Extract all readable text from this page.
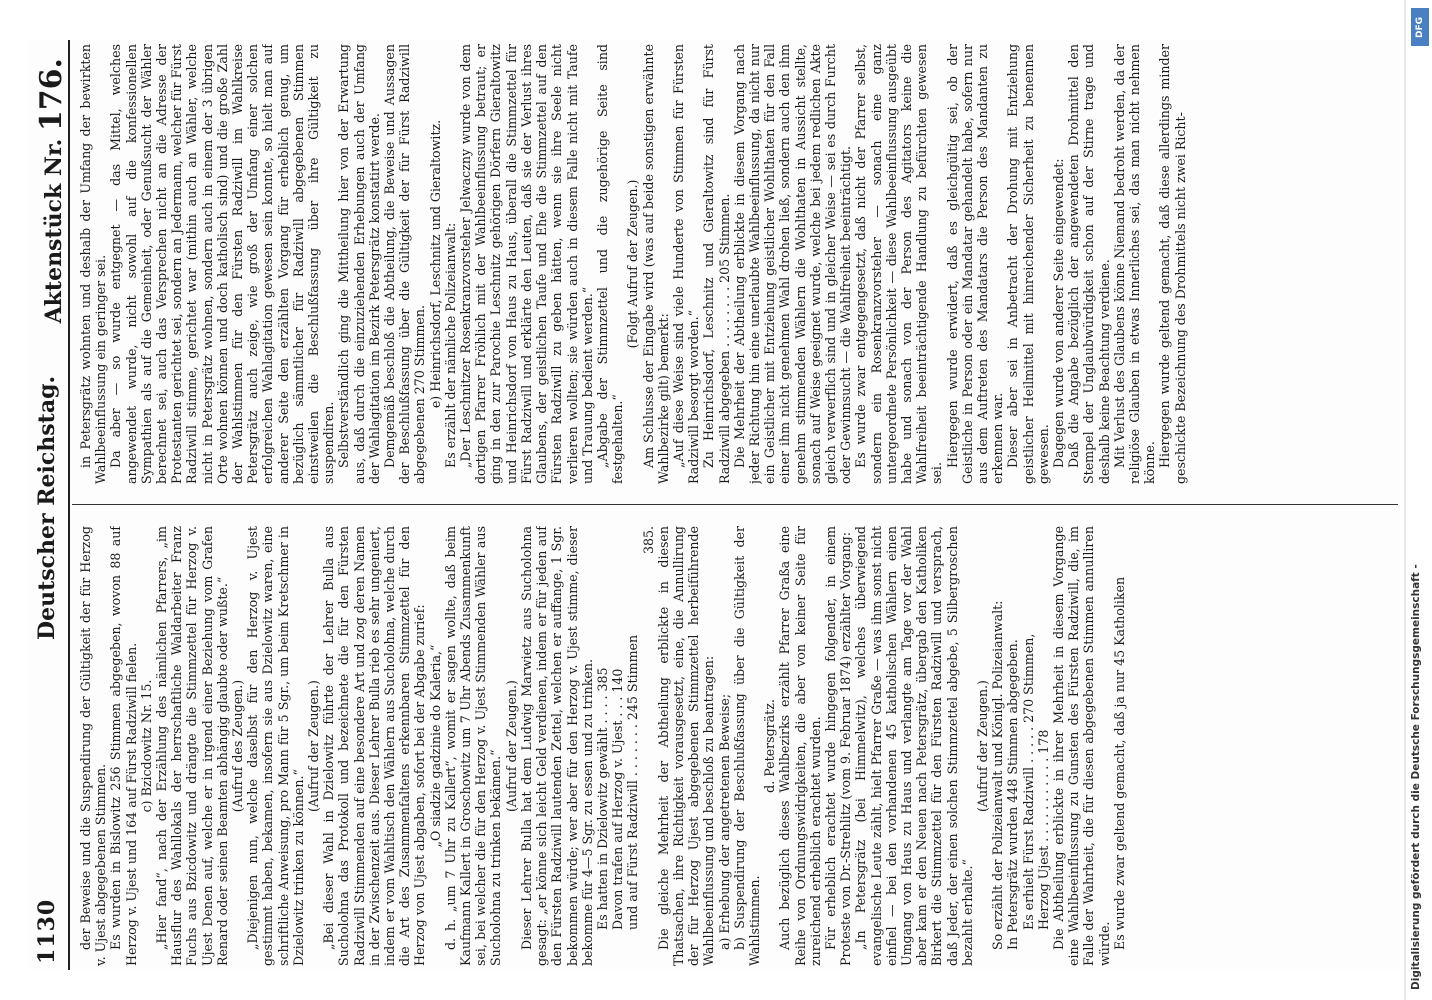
1130
Deutscher Reichstag.
Aktenstück Nr. 176.

der Beweise und die Suspendirung der Gültigkeit der für Herzog v. Ujest abgegebenen Stimmen. Es wurden in Bislowitz 256 Stimmen abgegeben, wovon 88 auf Herzog v. Ujest und 164 auf Fürst Radziwill fielen. c) Bzicdowitz Nr. 15. „Hier fand“, nach der Erzählung des nämlichen Pfarrers, „im Hausflur des Wahllokals der herrschaftliche Waldarbeiter Franz Fuchs aus Bzicdowitz und drängte die Stimmzettel für Herzog v. Ujest Denen auf, welche er in irgend einer Beziehung vom Grafen Renard oder seinen Beamten abhängig glaubte oder wußte.“ (Aufruf des Zeugen.) „Diejenigen nun, welche daselbst für den Herzog v. Ujest gestimmt haben, bekamen, insofern sie aus Dzielowitz waren, eine schriftliche Anweisung, pro Mann für 5 Sgr., um beim Kretschmer in Dzielowitz trinken zu können.“

(Aufruf der Zeugen.) „Bei dieser Wahl in Dzielowitz führte der Lehrer Bulla aus Sucholohna das Protokoll und bezeichnete die für den Fürsten Radziwill Stimmenden auf eine besondere Art und zog deren Namen in der Zwischenzeit aus. Dieser Lehrer Bulla rieb es sehr ungeniert, indem er vom Wahltisch den Wählern aus Sucholohna, welche durch die Art des Zusammenfaltens erkennbaren Stimmzettel für den Herzog von Ujest abgaben, sofort bei der Abgabe zurief: „O siadzie gadzinie do Kaleria,“ d. h. „um 7 Uhr zu Kallert“, womit er sagen wollte, daß beim Kaufmann Kallert in Groschowitz um 7 Uhr Abends Zusammenkunft sei, bei welcher die für den Herzog v. Ujest Stimmenden Wähler aus Sucholohna zu trinken bekämen.“

(Aufruf der Zeugen.) Dieser Lehrer Bulla hat dem Ludwig Marwietz aus Sucholohna gesagt: „er könne sich leicht Geld verdienen, indem er für jeden auf den Fürsten Radziwill lautenden Zettel, welchen er auffange, 1 Sgr. bekommen würde; wer aber für den Herzog v. Ujest stimme, dieser bekomme für 4—5 Sgr. zu essen und zu trinken. Es hatten in Dzielowitz gewählt . . . . 385 Davon trafen auf Herzog v. Ujest . . . 140 und auf Fürst Radziwill . . . . . . . 245 Stimmen

385. Die gleiche Mehrheit der Abtheilung erblickte in diesen Thatsachen, ihre Richtigkeit vorausgesetzt, eine, die Annullirung der für Herzog Ujest abgegebenen Stimmzettel herbeiführende Wahlbeeinflussung und beschloß zu beantragen: a) Erhebung der angetretenen Beweise; b) Suspendirung der Beschlußfassung über die Gültigkeit der Wahlstimmen.

d. Petersgrätz. Auch bezüglich dieses Wahlbezirks erzählt Pfarrer Graßa eine Reihe von Ordnungswidrigkeiten, die aber von keiner Seite für zureichend erheblich erachtet wurden. Für erheblich erachtet wurde hingegen folgender, in einem Protestе von Dr.-Strehlitz (vom 9. Februar 1874) erzählter Vorgang: „In Petersgrätz (bei Himmelwitz), welches überwiegend evangelische Leute zählt, hielt Pfarrer Graße — was ihm sonst nicht einfiel — bei den vorhandenen 45 katholischen Wählern einen Umgang von Haus zu Haus und verlangte am Tage vor der Wahl aber kam er den Neuen nach Petersgrätz, übergab den Katholiken Birkert die Stimmzettel für den Fürsten Radziwill und versprach, daß Jeder, der einen solchen Stimmzettel abgebe, 5 Silbergroschen bezahlt erhalte.“

(Aufruf der Zeugen.) So erzählt der Polizeianwalt und Königl. Polizeianwalt: In Petersgrätz wurden 448 Stimmen abgegeben. Es erhielt Fürst Radziwill . . . . . 270 Stimmen, Herzog Ujest . . . . . . . . . . . 178 Die Abtheilung erblickte in ihrer Mehrheit in diesem Vorgange eine Wahlbeeinflussung zu Gunsten des Fürsten Radziwill, die, im Falle der Wahrheit, die für diesen abgegebenen Stimmen annulliren würde. Es wurde zwar geltend gemacht, daß ja nur 45 Katholiken

in Petersgrätz wohnten und deshalb der Umfang der bewirkten Wahlbeeinflussung ein geringer sei. Da aber — so wurde entgegnet — das Mittel, welches angewendet wurde, nicht sowohl auf die konfessionellen Sympathien als auf die Gemeinheit, oder Genußsucht der Wähler berechnet sei, auch das Versprechen nicht an die Adresse der Protestanten gerichtet sei, sondern an Jedermann, welcher für Fürst Radziwill stimme, gerichtet war (mithin auch an Wähler, welche nicht in Petersgrätz wohnen, sondern auch in einem der 3 übrigen Orte wohnen können und doch katholisch sind) und die große Zahl der Wahlstimmen für den Fürsten Radziwill im Wahlkreise Petersgrätz auch zeige, wie groß der Umfang einer solchen erfolgreichen Wahlagitation gewesen sein konnte, so hielt man auf anderer Seite den erzählten Vorgang für erheblich genug, um bezüglich sämmtlicher für Radziwill abgegebenen Stimmen einstweilen die Beschlußfassung über ihre Gültigkeit zu suspendiren. Selbstverständlich ging die Mittheilung hier von der Erwartung aus, daß durch die einzuziehenden Erhebungen auch der Umfang der Wahlagitation im Bezirk Petersgrätz konstatirt werde. Demgemäß beschloß die Abtheilung, die Beweise und Aussagen der Beschlußfassung über die Gültigkeit der für Fürst Radziwill abgegebenen 270 Stimmen. e) Heinrichsdorf, Leschnitz und Gieraltowitz. Es erzählt der nämliche Polizeianwalt: „Der Leschnitzer Rosenkranzvorsteher Jelwaczny wurde von dem dortigen Pfarrer Fröhlich mit der Wahlbeeinflussung betraut; er ging in den zur Parochie Leschnitz gehörigen Dörfern Gieraltowitz und Heinrichsdorf von Haus zu Haus, überall die Stimmzettel für Fürst Radziwill und erklärte den Leuten, daß sie der Verlust ihres Glaubens, der geistlichen Taufe und Ehe die Stimmzettel auf den Fürsten Radziwill zu geben hätten, wenn sie ihre Seele nicht verlieren wollten; sie würden auch in diesem Falle nicht mit Taufe und Trauung bedient werden.“ „Abgabe der Stimmzettel und die zugehörige Seite sind festgehalten.“

(Folgt Aufruf der Zeugen.) Am Schlusse der Eingabe wird (was auf beide sonstigen erwähnte Wahlbezirke gilt) bemerkt: „Auf diese Weise sind viele Hunderte von Stimmen für Fürsten Radziwill besorgt worden.“ Zu Heinrichsdorf, Leschnitz und Gieraltowitz sind für Fürst Radziwill abgegeben . . . . . . . . 205 Stimmen. Die Mehrheit der Abtheilung erblickte in diesem Vorgang nach jeder Richtung hin eine unerlaubte Wahlbeeinflussung, da nicht nur ein Geistlicher mit Entziehung geistlicher Wohlthaten für den Fall einer ihm nicht genehmen Wahl drohen ließ, sondern auch den ihm genehm stimmenden Wählern die Wohlthaten in Aussicht stellte, sonach auf Weise geeignet wurde, welche bei jedem redlichen Akte gleich verwerflich sind und in gleicher Weise — sei es durch Furcht oder Gewinnsucht — die Wahlfreiheit beeinträchtigt. Es wurde zwar entgegengesetzt, daß nicht der Pfarrer selbst, sondern ein Rosenkranzvorsteher — sonach eine ganz untergeordnete Persönlichkeit — diese Wahlbeeinflussung ausgeübt habe und sonach von der Person des Agitators keine die Wahlfreiheit beeinträchtigende Handlung zu befürchten gewesen sei.

Hiergegen wurde erwidert, daß es gleichgültig sei, ob der Geistliche in Person oder ein Mandatar gehandelt habe, sofern nur aus dem Auftreten des Mandatars die Person des Mandanten zu erkennen war. Dieser aber sei in Anbetracht der Drohung mit Entziehung geistlicher Heilmittel mit hinreichender Sicherheit zu benennen gewesen. Dagegen wurde von anderer Seite eingewendet: Daß die Angabe bezüglich der angewendeten Drohmittel den Stempel der Unglaubwürdigkeit schon auf der Stirne trage und deshalb keine Beachtung verdiene. Mit Verlust des Glaubens könne Niemand bedroht werden, da der religiöse Glauben in etwas Innerliches sei, das man nicht nehmen könne. Hiergegen wurde geltend gemacht, daß diese allerdings minder geschickte Bezeichnung des Drohmittels nicht zwei Richt-

Digitalisierung gefördert durch die Deutsche Forschungsgemeinschaft -
DFG
